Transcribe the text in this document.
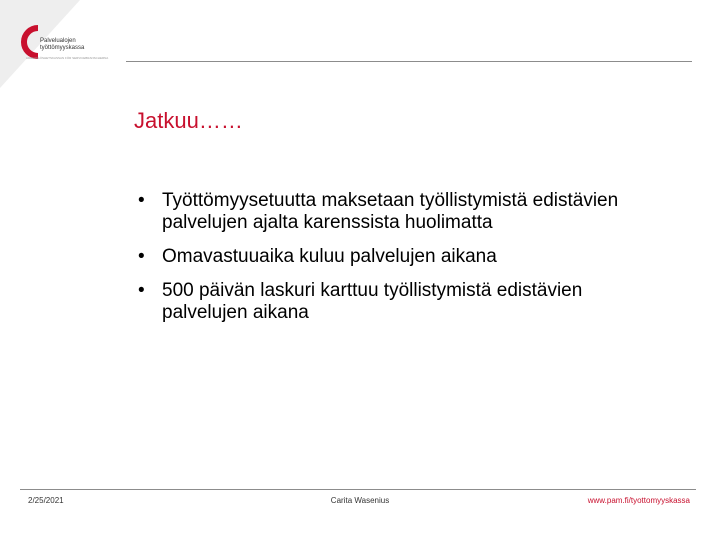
Palvelualojen
työttömyyskassa
ARBETSLÖSHETSKASSAN FÖR SERVICEBRANSCHERNA
Jatkuu……
• Työttömyysetuutta maksetaan työllistymistä edistävien palvelujen ajalta karenssista huolimatta
• Omavastuuaika kuluu palvelujen aikana
• 500 päivän laskuri karttuu työllistymistä edistävien palvelujen aikana
2/25/2021	Carita Wasenius	www.pam.fi/tyottomyyskassa
